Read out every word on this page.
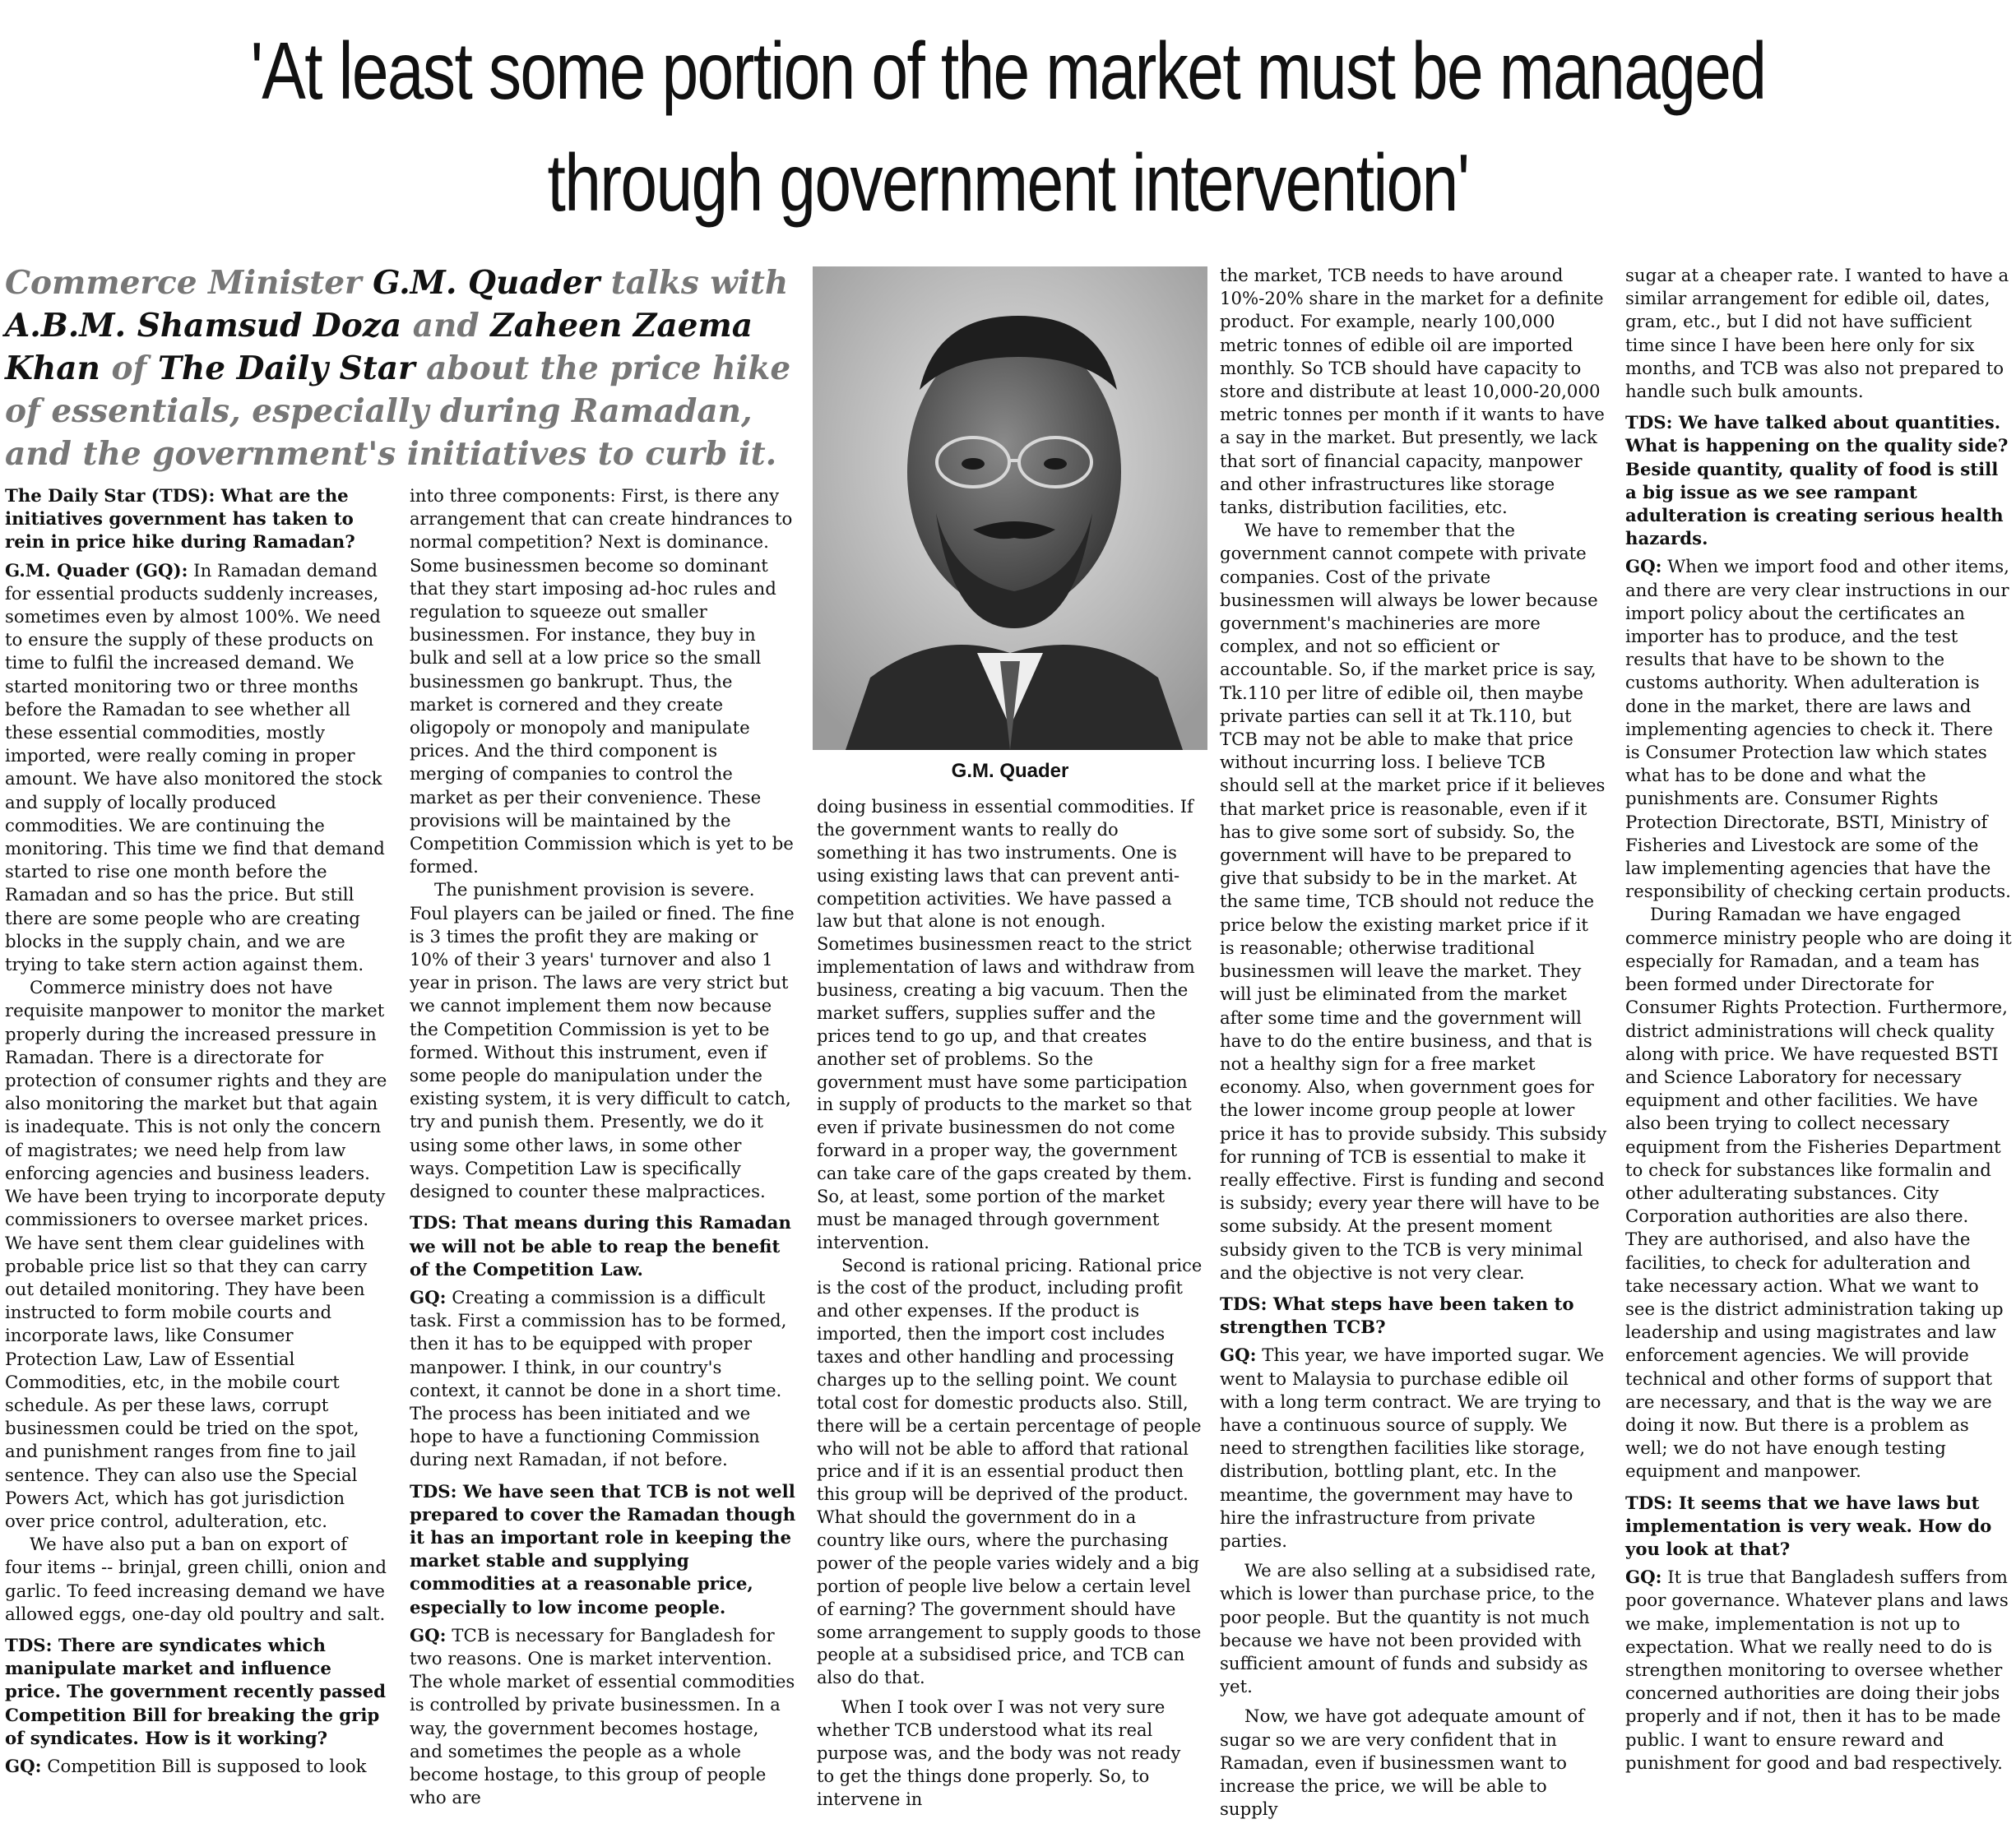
'At least some portion of the market must be managed
through government intervention'

Commerce Minister G.M. Quader talks with A.B.M. Shamsud Doza and Zaheen Zaema Khan of The Daily Star about the price hike of essentials, especially during Ramadan, and the government's initiatives to curb it.

G.M. Quader

The Daily Star (TDS): What are the initiatives government has taken to rein in price hike during Ramadan?

G.M. Quader (GQ): In Ramadan demand for essential products suddenly increases, sometimes even by almost 100%. We need to ensure the supply of these products on time to fulfil the increased demand. We started monitoring two or three months before the Ramadan to see whether all these essential commodities, mostly imported, were really coming in proper amount. We have also monitored the stock and supply of locally produced commodities. We are continuing the monitoring. This time we find that demand started to rise one month before the Ramadan and so has the price. But still there are some people who are creating blocks in the supply chain, and we are trying to take stern action against them.

Commerce ministry does not have requisite manpower to monitor the market properly during the increased pressure in Ramadan. There is a directorate for protection of consumer rights and they are also monitoring the market but that again is inadequate. This is not only the concern of magistrates; we need help from law enforcing agencies and business leaders. We have been trying to incorporate deputy commissioners to oversee market prices. We have sent them clear guidelines with probable price list so that they can carry out detailed monitoring. They have been instructed to form mobile courts and incorporate laws, like Consumer Protection Law, Law of Essential Commodities, etc, in the mobile court schedule. As per these laws, corrupt businessmen could be tried on the spot, and punishment ranges from fine to jail sentence. They can also use the Special Powers Act, which has got jurisdiction over price control, adulteration, etc.

We have also put a ban on export of four items -- brinjal, green chilli, onion and garlic. To feed increasing demand we have allowed eggs, one-day old poultry and salt.

TDS: There are syndicates which manipulate market and influence price. The government recently passed Competition Bill for breaking the grip of syndicates. How is it working?

GQ: Competition Bill is supposed to look

into three components: First, is there any arrangement that can create hindrances to normal competition? Next is dominance. Some businessmen become so dominant that they start imposing ad-hoc rules and regulation to squeeze out smaller businessmen. For instance, they buy in bulk and sell at a low price so the small businessmen go bankrupt. Thus, the market is cornered and they create oligopoly or monopoly and manipulate prices. And the third component is merging of companies to control the market as per their convenience. These provisions will be maintained by the Competition Commission which is yet to be formed.

The punishment provision is severe. Foul players can be jailed or fined. The fine is 3 times the profit they are making or 10% of their 3 years' turnover and also 1 year in prison. The laws are very strict but we cannot implement them now because the Competition Commission is yet to be formed. Without this instrument, even if some people do manipulation under the existing system, it is very difficult to catch, try and punish them. Presently, we do it using some other laws, in some other ways. Competition Law is specifically designed to counter these malpractices.

TDS: That means during this Ramadan we will not be able to reap the benefit of the Competition Law.

GQ: Creating a commission is a difficult task. First a commission has to be formed, then it has to be equipped with proper manpower. I think, in our country's context, it cannot be done in a short time. The process has been initiated and we hope to have a functioning Commission during next Ramadan, if not before.

TDS: We have seen that TCB is not well prepared to cover the Ramadan though it has an important role in keeping the market stable and supplying commodities at a reasonable price, especially to low income people.

GQ: TCB is necessary for Bangladesh for two reasons. One is market intervention. The whole market of essential commodities is controlled by private businessmen. In a way, the government becomes hostage, and sometimes the people as a whole become hostage, to this group of people who are

doing business in essential commodities. If the government wants to really do something it has two instruments. One is using existing laws that can prevent anti-competition activities. We have passed a law but that alone is not enough. Sometimes businessmen react to the strict implementation of laws and withdraw from business, creating a big vacuum. Then the market suffers, supplies suffer and the prices tend to go up, and that creates another set of problems. So the government must have some participation in supply of products to the market so that even if private businessmen do not come forward in a proper way, the government can take care of the gaps created by them. So, at least, some portion of the market must be managed through government intervention.

Second is rational pricing. Rational price is the cost of the product, including profit and other expenses. If the product is imported, then the import cost includes taxes and other handling and processing charges up to the selling point. We count total cost for domestic products also. Still, there will be a certain percentage of people who will not be able to afford that rational price and if it is an essential product then this group will be deprived of the product. What should the government do in a country like ours, where the purchasing power of the people varies widely and a big portion of people live below a certain level of earning? The government should have some arrangement to supply goods to those people at a subsidised price, and TCB can also do that.

When I took over I was not very sure whether TCB understood what its real purpose was, and the body was not ready to get the things done properly. So, to intervene in

the market, TCB needs to have around 10%-20% share in the market for a definite product. For example, nearly 100,000 metric tonnes of edible oil are imported monthly. So TCB should have capacity to store and distribute at least 10,000-20,000 metric tonnes per month if it wants to have a say in the market. But presently, we lack that sort of financial capacity, manpower and other infrastructures like storage tanks, distribution facilities, etc.

We have to remember that the government cannot compete with private companies. Cost of the private businessmen will always be lower because government's machineries are more complex, and not so efficient or accountable. So, if the market price is say, Tk.110 per litre of edible oil, then maybe private parties can sell it at Tk.110, but TCB may not be able to make that price without incurring loss. I believe TCB should sell at the market price if it believes that market price is reasonable, even if it has to give some sort of subsidy. So, the government will have to be prepared to give that subsidy to be in the market. At the same time, TCB should not reduce the price below the existing market price if it is reasonable; otherwise traditional businessmen will leave the market. They will just be eliminated from the market after some time and the government will have to do the entire business, and that is not a healthy sign for a free market economy. Also, when government goes for the lower income group people at lower price it has to provide subsidy. This subsidy for running of TCB is essential to make it really effective. First is funding and second is subsidy; every year there will have to be some subsidy. At the present moment subsidy given to the TCB is very minimal and the objective is not very clear.

TDS: What steps have been taken to strengthen TCB?

GQ: This year, we have imported sugar. We went to Malaysia to purchase edible oil with a long term contract. We are trying to have a continuous source of supply. We need to strengthen facilities like storage, distribution, bottling plant, etc. In the meantime, the government may have to hire the infrastructure from private parties.

We are also selling at a subsidised rate, which is lower than purchase price, to the poor people. But the quantity is not much because we have not been provided with sufficient amount of funds and subsidy as yet.

Now, we have got adequate amount of sugar so we are very confident that in Ramadan, even if businessmen want to increase the price, we will be able to supply

sugar at a cheaper rate. I wanted to have a similar arrangement for edible oil, dates, gram, etc., but I did not have sufficient time since I have been here only for six months, and TCB was also not prepared to handle such bulk amounts.

TDS: We have talked about quantities. What is happening on the quality side? Beside quantity, quality of food is still a big issue as we see rampant adulteration is creating serious health hazards.

GQ: When we import food and other items, and there are very clear instructions in our import policy about the certificates an importer has to produce, and the test results that have to be shown to the customs authority. When adulteration is done in the market, there are laws and implementing agencies to check it. There is Consumer Protection law which states what has to be done and what the punishments are. Consumer Rights Protection Directorate, BSTI, Ministry of Fisheries and Livestock are some of the law implementing agencies that have the responsibility of checking certain products.

During Ramadan we have engaged commerce ministry people who are doing it especially for Ramadan, and a team has been formed under Directorate for Consumer Rights Protection. Furthermore, district administrations will check quality along with price. We have requested BSTI and Science Laboratory for necessary equipment and other facilities. We have also been trying to collect necessary equipment from the Fisheries Department to check for substances like formalin and other adulterating substances. City Corporation authorities are also there. They are authorised, and also have the facilities, to check for adulteration and take necessary action. What we want to see is the district administration taking up leadership and using magistrates and law enforcement agencies. We will provide technical and other forms of support that are necessary, and that is the way we are doing it now. But there is a problem as well; we do not have enough testing equipment and manpower.

TDS: It seems that we have laws but implementation is very weak. How do you look at that?

GQ: It is true that Bangladesh suffers from poor governance. Whatever plans and laws we make, implementation is not up to expectation. What we really need to do is strengthen monitoring to oversee whether concerned authorities are doing their jobs properly and if not, then it has to be made public. I want to ensure reward and punishment for good and bad respectively.
